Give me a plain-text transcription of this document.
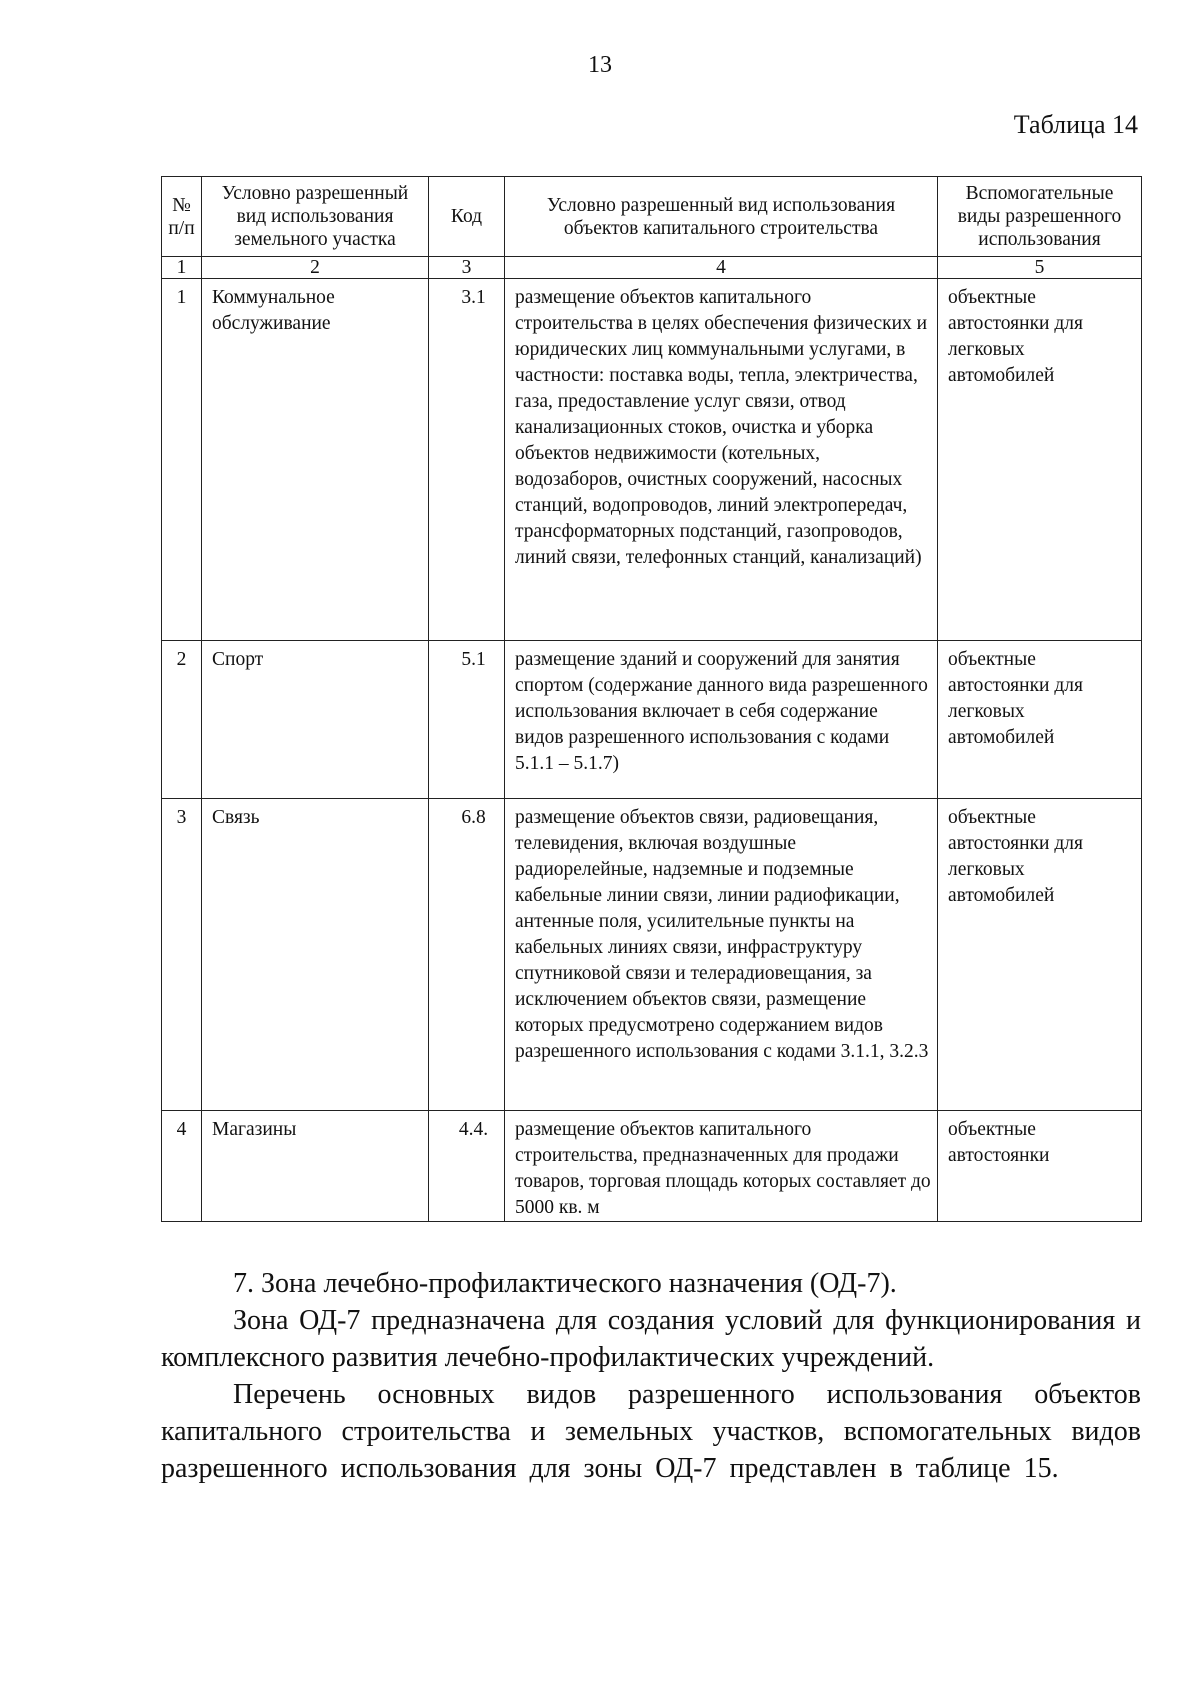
13
Таблица 14
№ п/п	Условно разрешенный вид использования земельного участка	Код	Условно разрешенный вид использования объектов капитального строительства	Вспомогательные виды разрешенного использования
1	2	3	4	5
1	Коммунальное обслуживание	3.1	размещение объектов капитального строительства в целях обеспечения физических и юридических лиц коммунальными услугами, в частности: поставка воды, тепла, электричества, газа, предоставление услуг связи, отвод канализационных стоков, очистка и уборка объектов недвижимости (котельных, водозаборов, очистных сооружений, насосных станций, водопроводов, линий электропередач, трансформаторных подстанций, газопроводов, линий связи, телефонных станций, канализаций)	объектные автостоянки для легковых автомобилей
2	Спорт	5.1	размещение зданий и сооружений для занятия спортом (содержание данного вида разрешенного использования включает в себя содержание видов разрешенного использования с кодами 5.1.1 – 5.1.7)	объектные автостоянки для легковых автомобилей
3	Связь	6.8	размещение объектов связи, радиовещания, телевидения, включая воздушные радиорелейные, надземные и подземные кабельные линии связи, линии радиофикации, антенные поля, усилительные пункты на кабельных линиях связи, инфраструктуру спутниковой связи и телерадиовещания, за исключением объектов связи, размещение которых предусмотрено содержанием видов разрешенного использования с кодами 3.1.1, 3.2.3	объектные автостоянки для легковых автомобилей
4	Магазины	4.4.	размещение объектов капитального строительства, предназначенных для продажи товаров, торговая площадь которых составляет до 5000 кв. м	объектные автостоянки
7. Зона лечебно-профилактического назначения (ОД-7).
Зона ОД-7 предназначена для создания условий для функционирования и комплексного развития лечебно-профилактических учреждений.
Перечень основных видов разрешенного использования объектов капитального строительства и земельных участков, вспомогательных видов разрешенного использования для зоны ОД-7 представлен в таблице 15.
